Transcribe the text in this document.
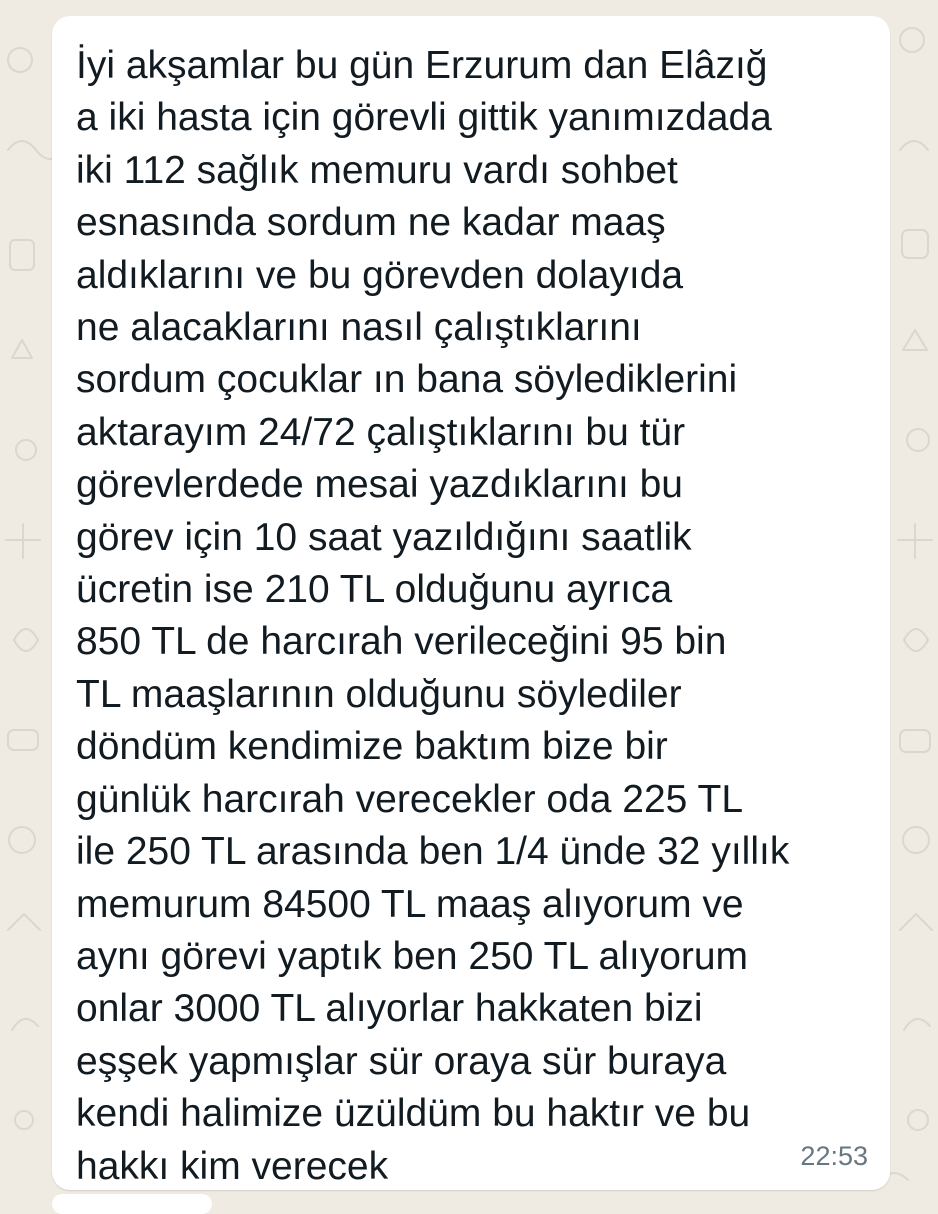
İyi akşamlar bu gün Erzurum dan Elâzığ
a iki hasta için görevli gittik yanımızdada
iki 112 sağlık memuru vardı sohbet
esnasında sordum ne kadar maaş
aldıklarını ve bu görevden dolayıda
ne alacaklarını nasıl çalıştıklarını
sordum çocuklar ın bana söylediklerini
aktarayım 24/72 çalıştıklarını bu tür
görevlerdede mesai yazdıklarını bu
görev için 10 saat yazıldığını saatlik
ücretin ise 210 TL olduğunu ayrıca
850 TL de harcırah verileceğini 95 bin
TL maaşlarının olduğunu söylediler
döndüm kendimize baktım bize bir
günlük harcırah verecekler oda 225 TL
ile 250 TL arasında ben 1/4 ünde 32 yıllık
memurum 84500 TL maaş alıyorum ve
aynı görevi yaptık ben 250 TL alıyorum
onlar 3000 TL alıyorlar hakkaten bizi
eşşek yapmışlar sür oraya sür buraya
kendi halimize üzüldüm bu haktır ve bu
hakkı kim verecek	22:53
